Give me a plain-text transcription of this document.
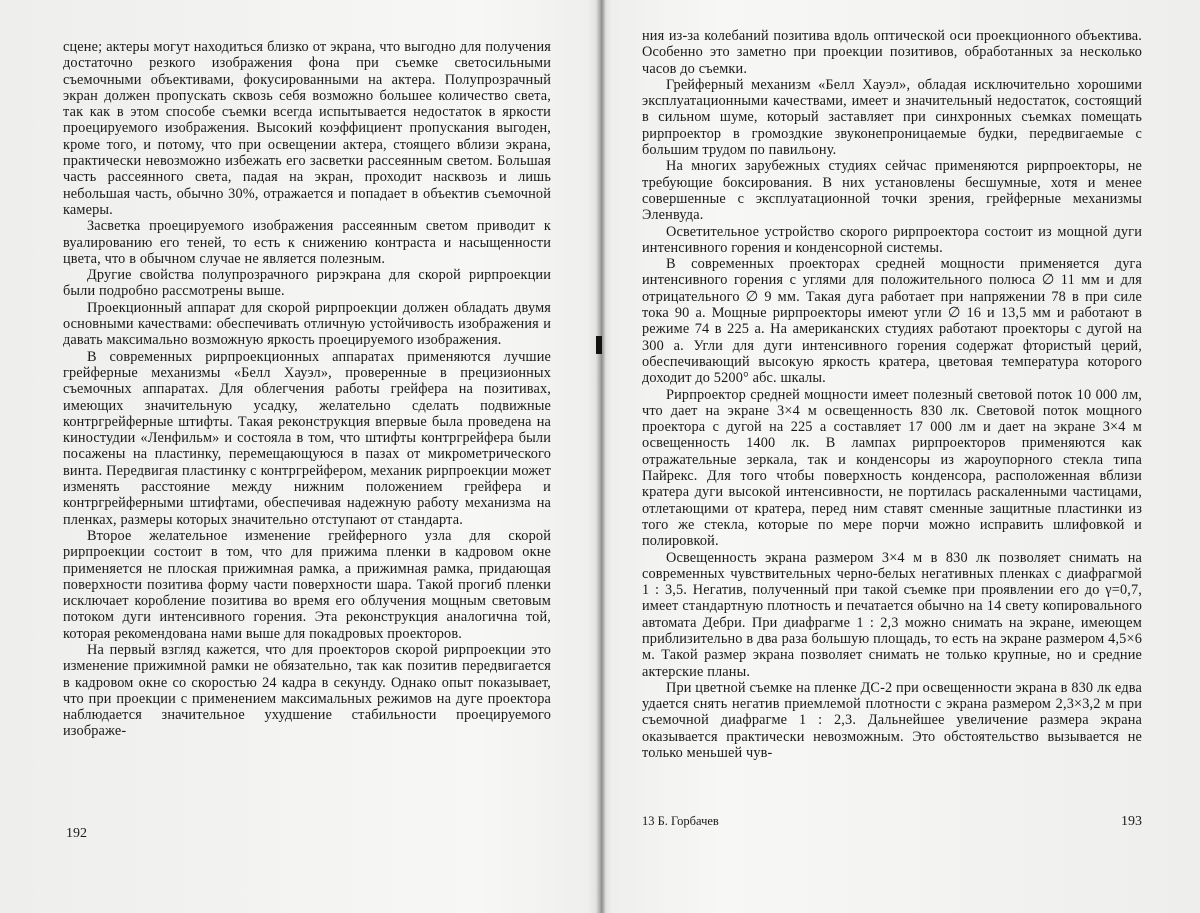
сцене; актеры могут находиться близко от экрана, что выгодно для получения достаточно резкого изображения фона при съемке светосильными съемочными объективами, фокусированными на актера. Полупрозрачный экран должен пропускать сквозь себя возможно большее количество света, так как в этом способе съемки всегда испытывается недостаток в яркости проецируемого изображения. Высокий коэффициент пропускания выгоден, кроме того, и потому, что при освещении актера, стоящего вблизи экрана, практически невозможно избежать его засветки рассеянным светом. Большая часть рассеянного света, падая на экран, проходит насквозь и лишь небольшая часть, обычно 30%, отражается и попадает в объектив съемочной камеры.

Засветка проецируемого изображения рассеянным светом приводит к вуалированию его теней, то есть к снижению контраста и насыщенности цвета, что в обычном случае не является полезным.

Другие свойства полупрозрачного рирэкрана для скорой рирпроекции были подробно рассмотрены выше.

Проекционный аппарат для скорой рирпроекции должен обладать двумя основными качествами: обеспечивать отличную устойчивость изображения и давать максимально возможную яркость проецируемого изображения.

В современных рирпроекционных аппаратах применяются лучшие грейферные механизмы «Белл Хауэл», проверенные в прецизионных съемочных аппаратах. Для облегчения работы грейфера на позитивах, имеющих значительную усадку, желательно сделать подвижные контргрейферные штифты. Такая реконструкция впервые была проведена на киностудии «Ленфильм» и состояла в том, что штифты контргрейфера были посажены на пластинку, перемещающуюся в пазах от микрометрического винта. Передвигая пластинку с контргрейфером, механик рирпроекции может изменять расстояние между нижним положением грейфера и контргрейферными штифтами, обеспечивая надежную работу механизма на пленках, размеры которых значительно отступают от стандарта.

Второе желательное изменение грейферного узла для скорой рирпроекции состоит в том, что для прижима пленки в кадровом окне применяется не плоская прижимная рамка, а прижимная рамка, придающая поверхности позитива форму части поверхности шара. Такой прогиб пленки исключает коробление позитива во время его облучения мощным световым потоком дуги интенсивного горения. Эта реконструкция аналогична той, которая рекомендована нами выше для покадровых проекторов.

На первый взгляд кажется, что для проекторов скорой рирпроекции это изменение прижимной рамки не обязательно, так как позитив передвигается в кадровом окне со скоростью 24 кадра в секунду. Однако опыт показывает, что при проекции с применением максимальных режимов на дуге проектора наблюдается значительное ухудшение стабильности проецируемого изображе-

192

ния из-за колебаний позитива вдоль оптической оси проекционного объектива. Особенно это заметно при проекции позитивов, обработанных за несколько часов до съемки.

Грейферный механизм «Белл Хауэл», обладая исключительно хорошими эксплуатационными качествами, имеет и значительный недостаток, состоящий в сильном шуме, который заставляет при синхронных съемках помещать рирпроектор в громоздкие звуконепроницаемые будки, передвигаемые с большим трудом по павильону.

На многих зарубежных студиях сейчас применяются рирпроекторы, не требующие боксирования. В них установлены бесшумные, хотя и менее совершенные с эксплуатационной точки зрения, грейферные механизмы Эленвуда.

Осветительное устройство скорого рирпроектора состоит из мощной дуги интенсивного горения и конденсорной системы.

В современных проекторах средней мощности применяется дуга интенсивного горения с углями для положительного полюса ∅ 11 мм и для отрицательного ∅ 9 мм. Такая дуга работает при напряжении 78 в при силе тока 90 а. Мощные рирпроекторы имеют угли ∅ 16 и 13,5 мм и работают в режиме 74 в 225 а. На американских студиях работают проекторы с дугой на 300 а. Угли для дуги интенсивного горения содержат фтористый церий, обеспечивающий высокую яркость кратера, цветовая температура которого доходит до 5200° абс. шкалы.

Рирпроектор средней мощности имеет полезный световой поток 10 000 лм, что дает на экране 3×4 м освещенность 830 лк. Световой поток мощного проектора с дугой на 225 а составляет 17 000 лм и дает на экране 3×4 м освещенность 1400 лк. В лампах рирпроекторов применяются как отражательные зеркала, так и конденсоры из жароупорного стекла типа Пайрекс. Для того чтобы поверхность конденсора, расположенная вблизи кратера дуги высокой интенсивности, не портилась раскаленными частицами, отлетающими от кратера, перед ним ставят сменные защитные пластинки из того же стекла, которые по мере порчи можно исправить шлифовкой и полировкой.

Освещенность экрана размером 3×4 м в 830 лк позволяет снимать на современных чувствительных черно-белых негативных пленках с диафрагмой 1 : 3,5. Негатив, полученный при такой съемке при проявлении его до γ=0,7, имеет стандартную плотность и печатается обычно на 14 свету копировального автомата Дебри. При диафрагме 1 : 2,3 можно снимать на экране, имеющем приблизительно в два раза большую площадь, то есть на экране размером 4,5×6 м. Такой размер экрана позволяет снимать не только крупные, но и средние актерские планы.

При цветной съемке на пленке ДС-2 при освещенности экрана в 830 лк едва удается снять негатив приемлемой плотности с экрана размером 2,3×3,2 м при съемочной диафрагме 1 : 2,3. Дальнейшее увеличение размера экрана оказывается практически невозможным. Это обстоятельство вызывается не только меньшей чув-

13 Б. Горбачев	193
